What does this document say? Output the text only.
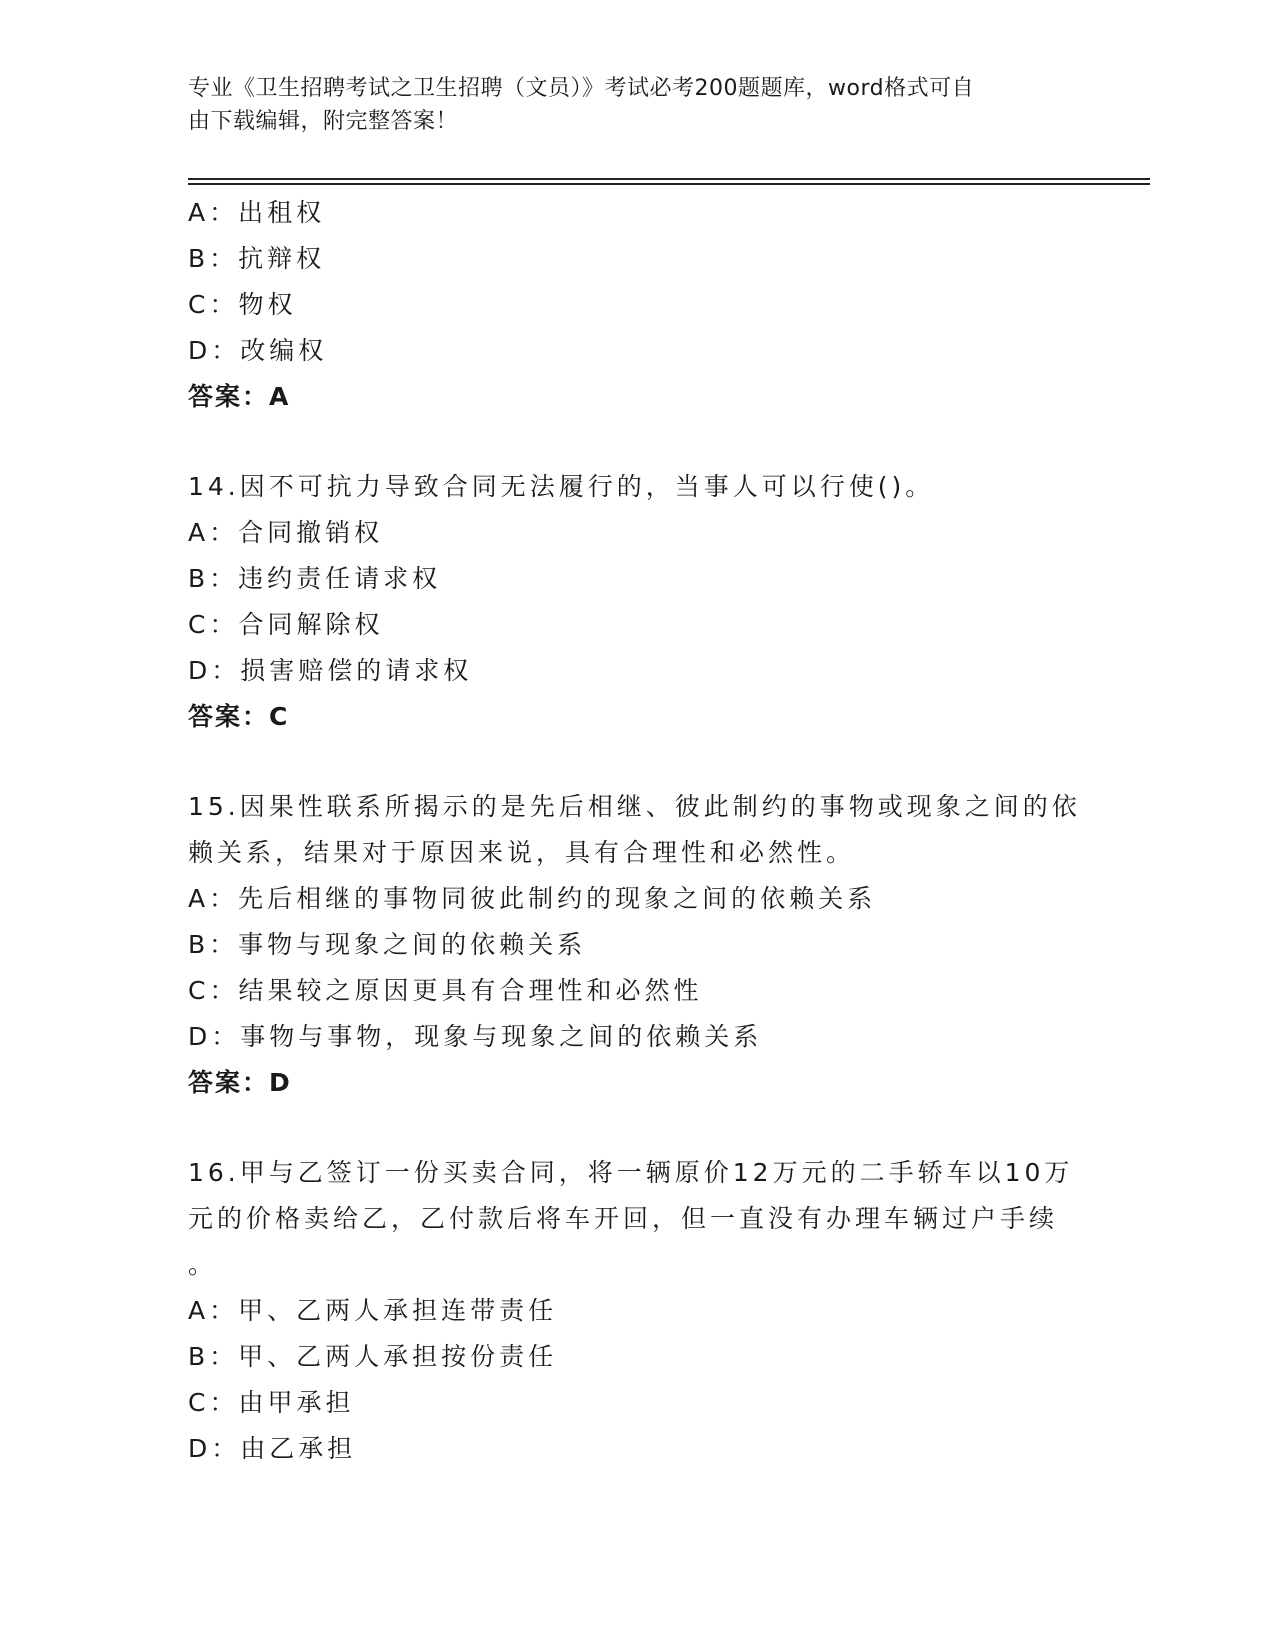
专业《卫生招聘考试之卫生招聘（文员）》考试必考200题题库，word格式可自
由下载编辑，附完整答案！
A：出租权
B：抗辩权
C：物权
D：改编权
答案：A
14.因不可抗力导致合同无法履行的，当事人可以行使()。
A：合同撤销权
B：违约责任请求权
C：合同解除权
D：损害赔偿的请求权
答案：C
15.因果性联系所揭示的是先后相继、彼此制约的事物或现象之间的依
赖关系，结果对于原因来说，具有合理性和必然性。
A：先后相继的事物同彼此制约的现象之间的依赖关系
B：事物与现象之间的依赖关系
C：结果较之原因更具有合理性和必然性
D：事物与事物，现象与现象之间的依赖关系
答案：D
16.甲与乙签订一份买卖合同，将一辆原价12万元的二手轿车以10万
元的价格卖给乙，乙付款后将车开回，但一直没有办理车辆过户手续
。
A：甲、乙两人承担连带责任
B：甲、乙两人承担按份责任
C：由甲承担
D：由乙承担
